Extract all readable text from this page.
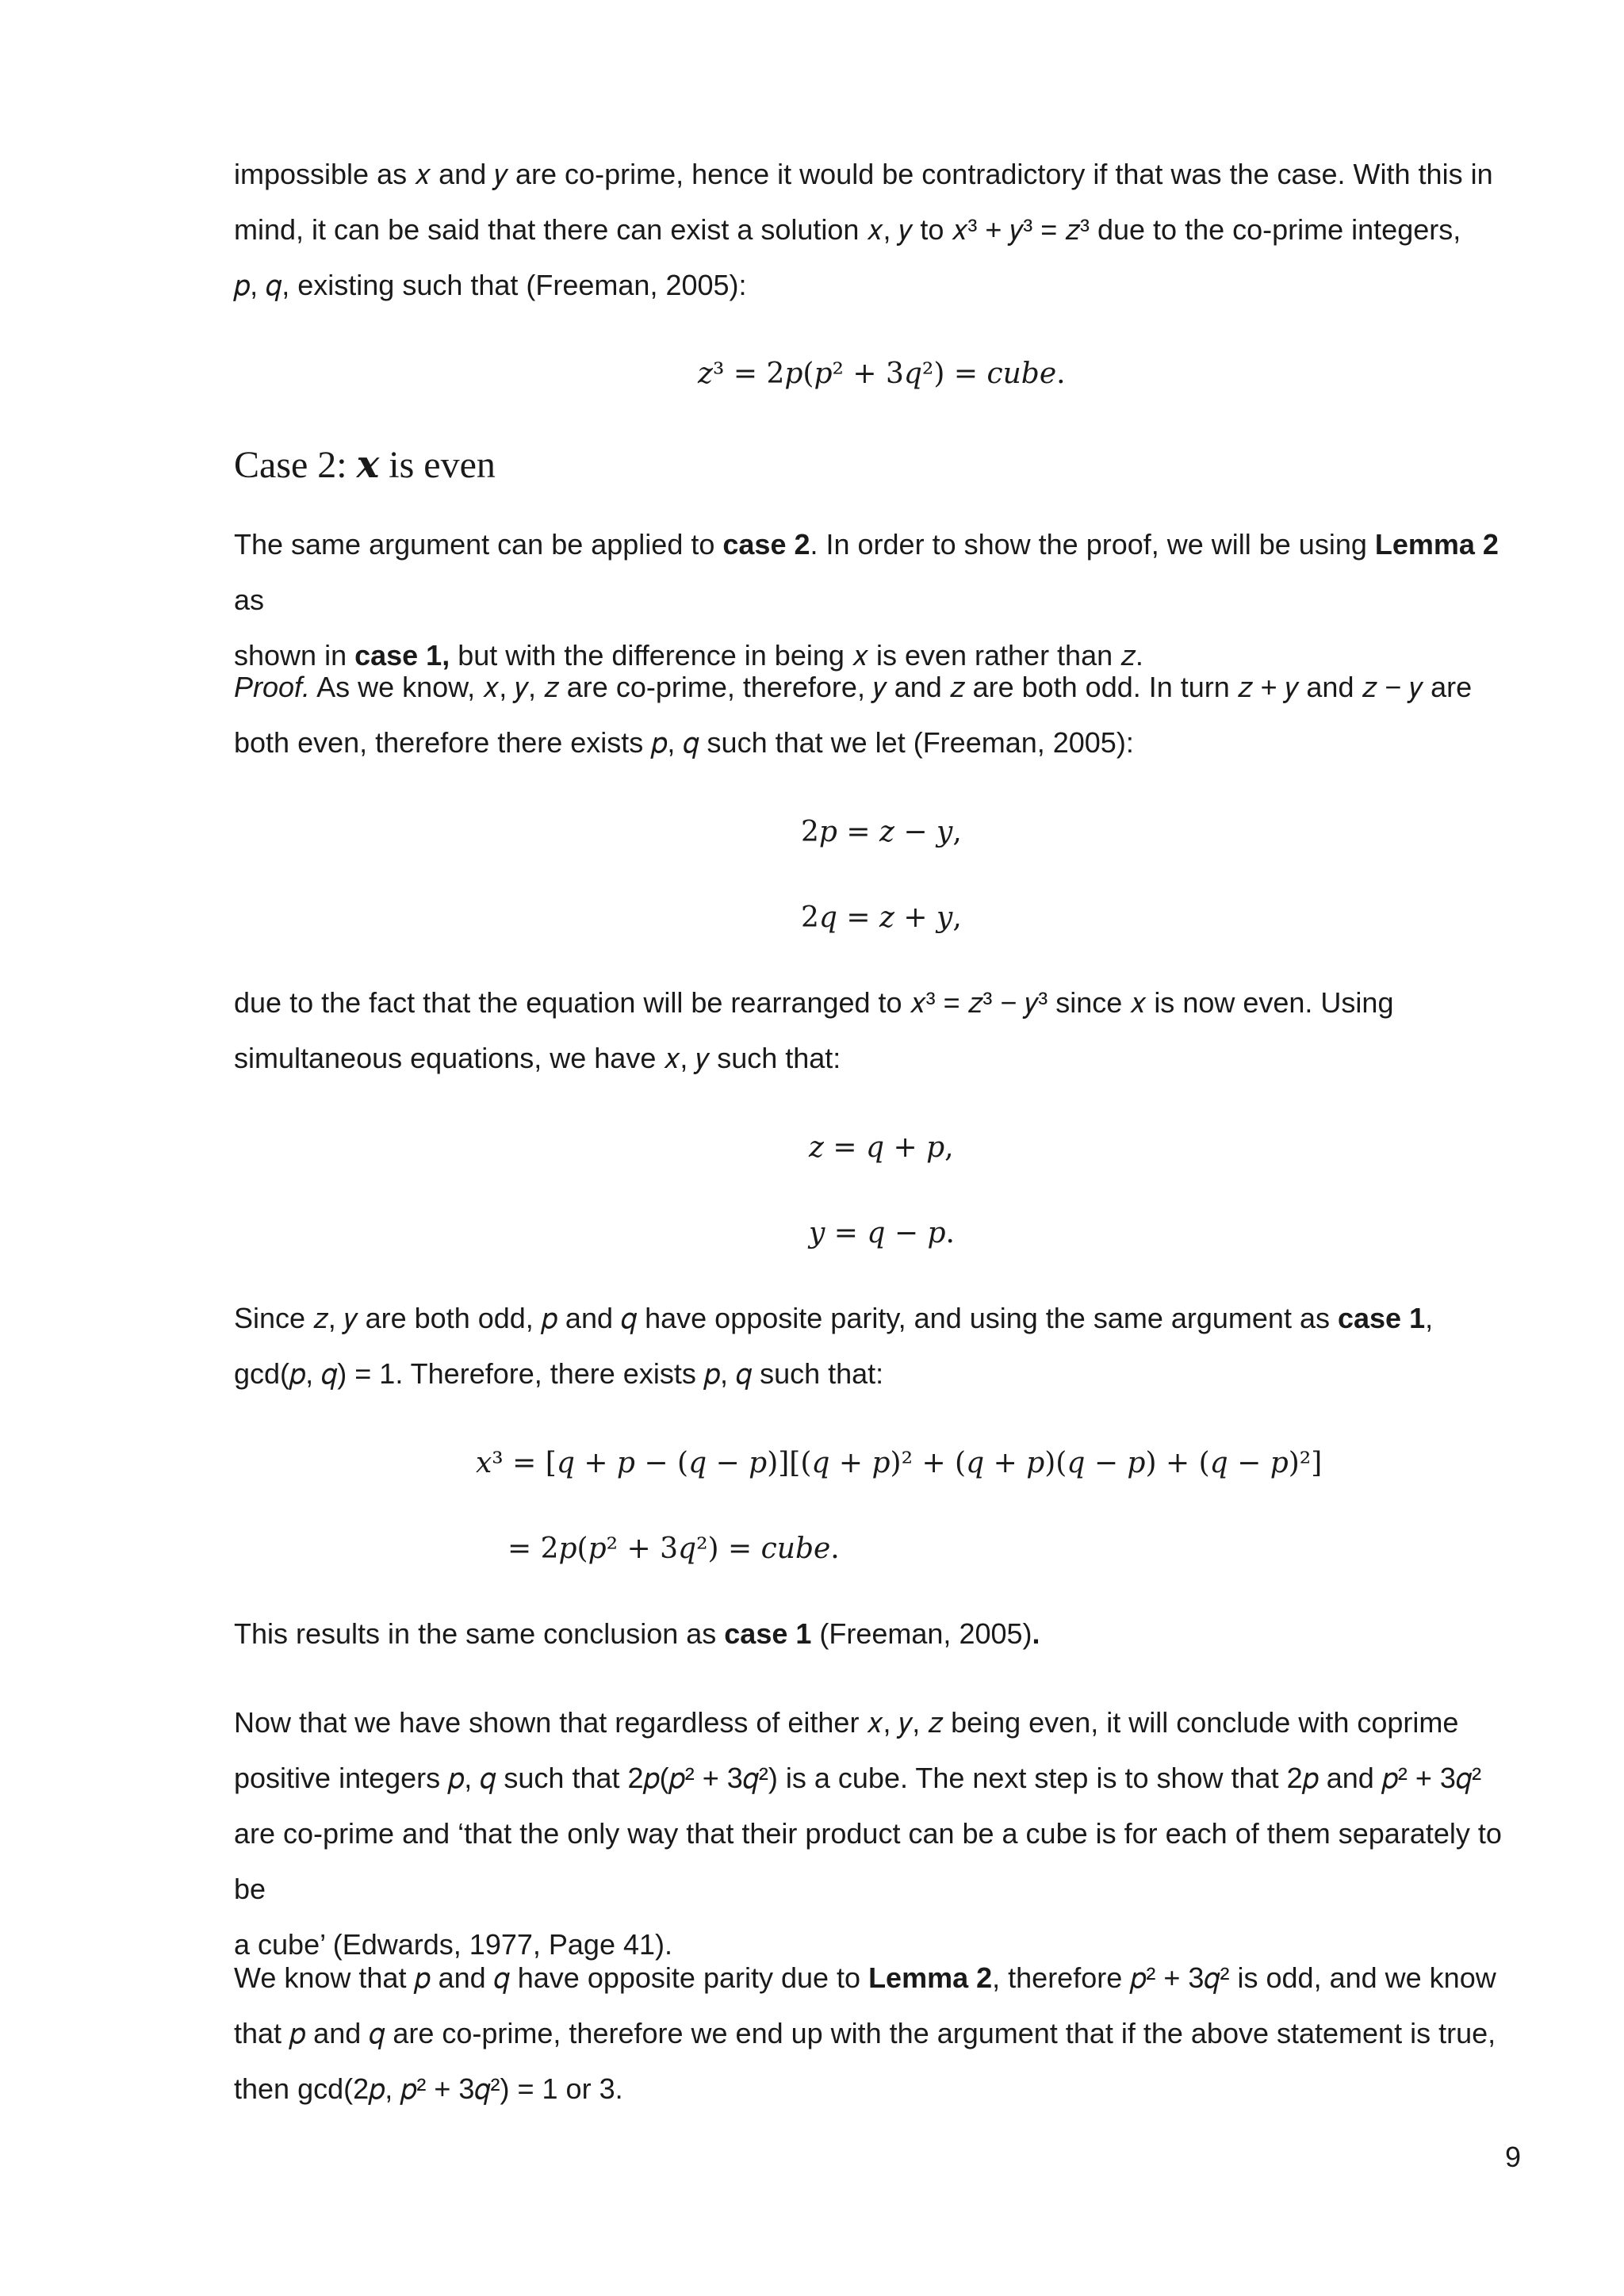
impossible as 𝑥 and 𝑦 are co-prime, hence it would be contradictory if that was the case. With this in
mind, it can be said that there can exist a solution 𝑥, 𝑦 to 𝑥³ + 𝑦³ = 𝑧³ due to the co-prime integers,
𝑝, 𝑞, existing such that (Freeman, 2005):

𝑧³ = 2𝑝(𝑝² + 3𝑞²) = 𝑐𝑢𝑏𝑒.
Case 2: 𝒙 is even

The same argument can be applied to case 2. In order to show the proof, we will be using Lemma 2 as
shown in case 1, but with the difference in being 𝑥 is even rather than 𝑧.

Proof. As we know, 𝑥, 𝑦, 𝑧 are co-prime, therefore, 𝑦 and 𝑧 are both odd. In turn 𝑧 + 𝑦 and 𝑧 − 𝑦 are
both even, therefore there exists 𝑝, 𝑞 such that we let (Freeman, 2005):

2𝑝 = 𝑧 − 𝑦,
2𝑞 = 𝑧 + 𝑦,

due to the fact that the equation will be rearranged to 𝑥³ = 𝑧³ − 𝑦³ since 𝑥 is now even. Using
simultaneous equations, we have 𝑥, 𝑦 such that:

𝑧 = 𝑞 + 𝑝,
𝑦 = 𝑞 − 𝑝.

Since 𝑧, 𝑦 are both odd, 𝑝 and 𝑞 have opposite parity, and using the same argument as case 1,
gcd(𝑝, 𝑞) = 1. Therefore, there exists 𝑝, 𝑞 such that:

𝑥³ = [𝑞 + 𝑝 − (𝑞 − 𝑝)][(𝑞 + 𝑝)² + (𝑞 + 𝑝)(𝑞 − 𝑝) + (𝑞 − 𝑝)²]
= 2𝑝(𝑝² + 3𝑞²) = 𝑐𝑢𝑏𝑒.

This results in the same conclusion as case 1 (Freeman, 2005).

Now that we have shown that regardless of either 𝑥, 𝑦, 𝑧 being even, it will conclude with coprime
positive integers 𝑝, 𝑞 such that 2𝑝(𝑝² + 3𝑞²) is a cube. The next step is to show that 2𝑝 and 𝑝² + 3𝑞²
are co-prime and ‘that the only way that their product can be a cube is for each of them separately to be
a cube’ (Edwards, 1977, Page 41).

We know that 𝑝 and 𝑞 have opposite parity due to Lemma 2, therefore 𝑝² + 3𝑞² is odd, and we know
that 𝑝 and 𝑞 are co-prime, therefore we end up with the argument that if the above statement is true,
then gcd(2𝑝, 𝑝² + 3𝑞²) = 1 or 3.

9
